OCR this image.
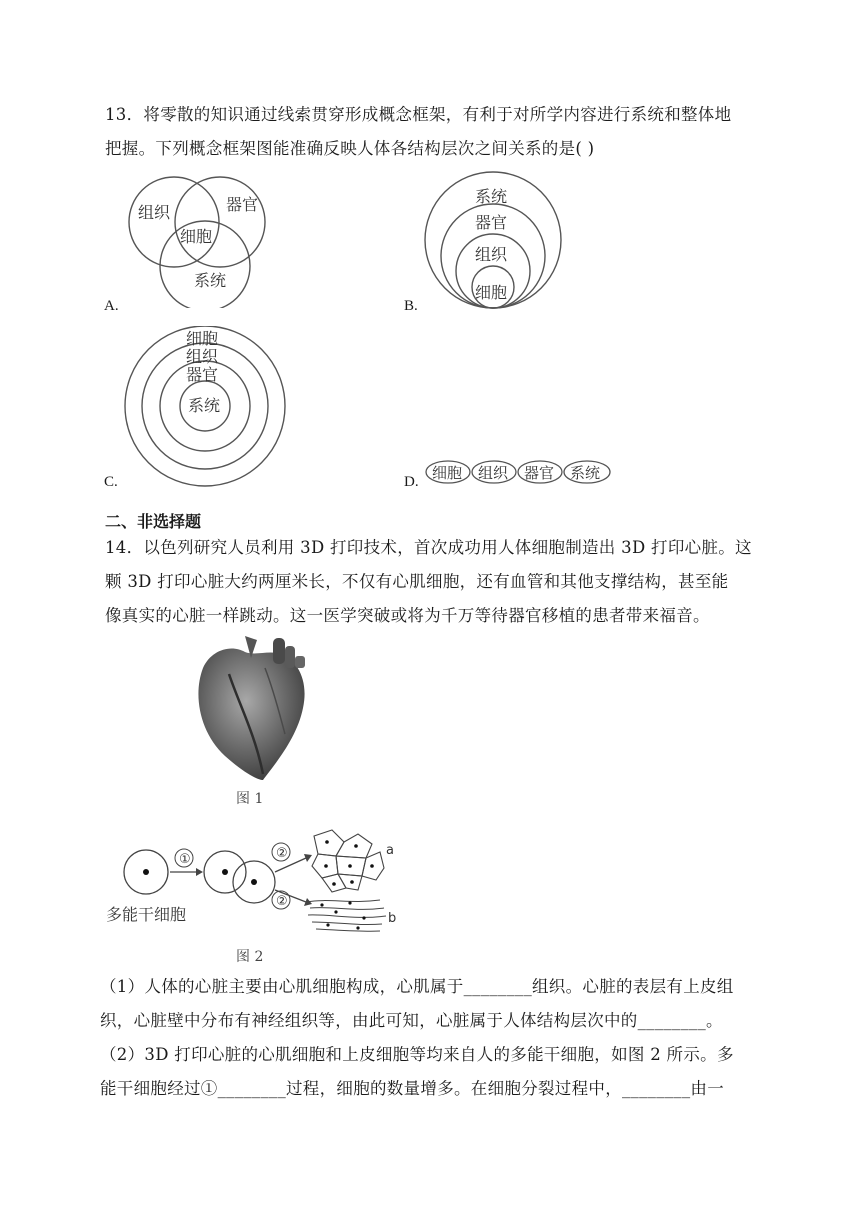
13．将零散的知识通过线索贯穿形成概念框架，有利于对所学内容进行系统和整体地
把握。下列概念框架图能准确反映人体各结构层次之间关系的是( )
组织	器官
细胞
系统
A.
系统
器官
组织
细胞
B.
细胞
组织
器官
系统
C.	细胞 组织 器官 系统
D.
二、非选择题
14．以色列研究人员利用 3D 打印技术，首次成功用人体细胞制造出 3D 打印心脏。这
颗 3D 打印心脏大约两厘米长，不仅有心肌细胞，还有血管和其他支撑结构，甚至能
像真实的心脏一样跳动。这一医学突破或将为千万等待器官移植的患者带来福音。
图 1
①	②
②
a
b
多能干细胞
图 2
（1）人体的心脏主要由心肌细胞构成，心肌属于________组织。心脏的表层有上皮组
织，心脏壁中分布有神经组织等，由此可知，心脏属于人体结构层次中的________。
（2）3D 打印心脏的心肌细胞和上皮细胞等均来自人的多能干细胞，如图 2 所示。多
能干细胞经过①________过程，细胞的数量增多。在细胞分裂过程中，________由一
